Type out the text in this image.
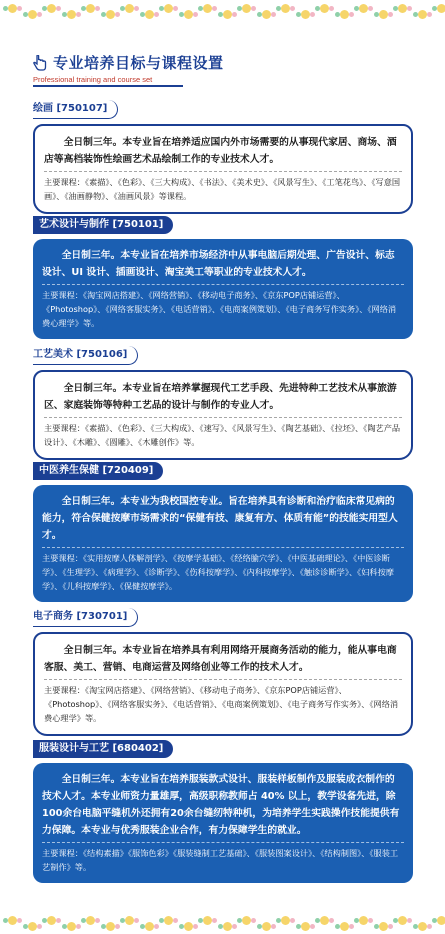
专业培养目标与课程设置
Professional training and course set
绘画 [750107]
全日制三年。本专业旨在培养适应国内外市场需要的从事现代家居、商场、酒店等高档装饰性绘画艺术品绘制工作的专业技术人才。
主要课程：《素描》、《色彩》、《三大构成》、《书法》、《美术史》、《风景写生》、《工笔花鸟》、《写意国画》、《油画静物》、《油画风景》等课程。
艺术设计与制作 [750101]
全日制三年。本专业旨在培养市场经济中从事电脑后期处理、广告设计、标志设计、UI 设计、插画设计、淘宝美工等职业的专业技术人才。
主要课程：《淘宝网店搭建》、《网络营销》、《移动电子商务》、《京东POP店铺运营》、《Photoshop》、《网络客服实务》、《电话营销》、《电商案例策划》、《电子商务写作实务》、《网络消费心理学》等。
工艺美术 [750106]
全日制三年。本专业旨在培养掌握现代工艺手段、先进特种工艺技术从事旅游区、家庭装饰等特种工艺品的设计与制作的专业人才。
主要课程：《素描》、《色彩》、《三大构成》、《速写》、《风景写生》、《陶艺基础》、《拉坯》、《陶艺产品设计》、《木雕》、《圆雕》、《木雕创作》等。
中医养生保健 [720409]
全日制三年。本专业为我校国控专业。旨在培养具有诊断和治疗临床常见病的能力，符合保健按摩市场需求的“保健有技、康复有方、体质有能”的技能实用型人才。
主要课程：《实用按摩人体解剖学》、《按摩学基础》、《经络腧穴学》、《中医基础理论》、《中医诊断学》、《生理学》、《病理学》、《诊断学》、《伤科按摩学》、《内科按摩学》、《触诊诊断学》、《妇科按摩学》、《儿科按摩学》、《保健按摩学》。
电子商务 [730701]
全日制三年。本专业旨在培养具有利用网络开展商务活动的能力，能从事电商客服、美工、营销、电商运营及网络创业等工作的技术人才。
主要课程：《淘宝网店搭建》、《网络营销》、《移动电子商务》、《京东POP店铺运营》、《Photoshop》、《网络客服实务》、《电话营销》、《电商案例策划》、《电子商务写作实务》、《网络消费心理学》等。
服装设计与工艺 [680402]
全日制三年。本专业旨在培养服装款式设计、服装样板制作及服装成衣制作的技术人才。本专业师资力量雄厚，高级职称教师占 40% 以上，教学设备先进，除100余台电脑平缝机外还拥有20余台缝纫特种机，为培养学生实践操作技能提供有力保障。本专业与优秀服装企业合作，有力保障学生的就业。
主要课程：《结构素描》《服饰色彩》《服装缝制工艺基础》、《服装图案设计》、《结构制图》、《服装工艺制作》等。
